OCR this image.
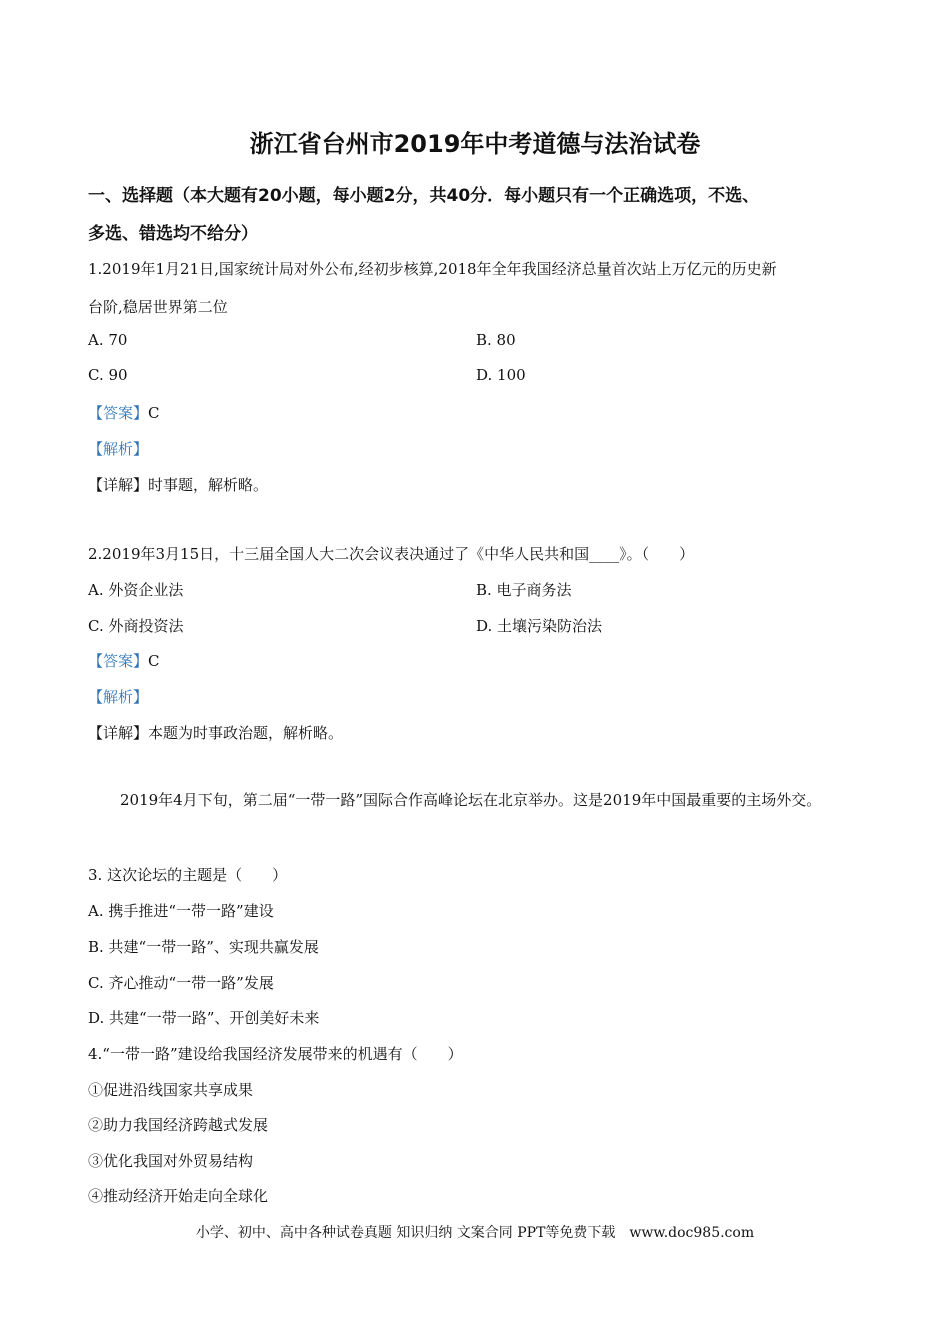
浙江省台州市2019年中考道德与法治试卷
一、选择题（本大题有20小题，每小题2分，共40分．每小题只有一个正确选项，不选、
多选、错选均不给分）
1.2019年1月21日,国家统计局对外公布,经初步核算,2018年全年我国经济总量首次站上万亿元的历史新
台阶,稳居世界第二位
A. 70	B. 80
C. 90	D. 100
【答案】C
【解析】
【详解】时事题，解析略。
2.2019年3月15日，十三届全国人大二次会议表决通过了《中华人民共和国____》。（　　）
A. 外资企业法	B. 电子商务法
C. 外商投资法	D. 土壤污染防治法
【答案】C
【解析】
【详解】本题为时事政治题，解析略。
2019年4月下旬，第二届“一带一路”国际合作高峰论坛在北京举办。这是2019年中国最重要的主场外交。
3. 这次论坛的主题是（　　）
A. 携手推进“一带一路”建设
B. 共建“一带一路”、实现共赢发展
C. 齐心推动“一带一路”发展
D. 共建“一带一路”、开创美好未来
4.“一带一路”建设给我国经济发展带来的机遇有（　　）
①促进沿线国家共享成果
②助力我国经济跨越式发展
③优化我国对外贸易结构
④推动经济开始走向全球化
小学、初中、高中各种试卷真题 知识归纳 文案合同 PPT等免费下载　www.doc985.com
